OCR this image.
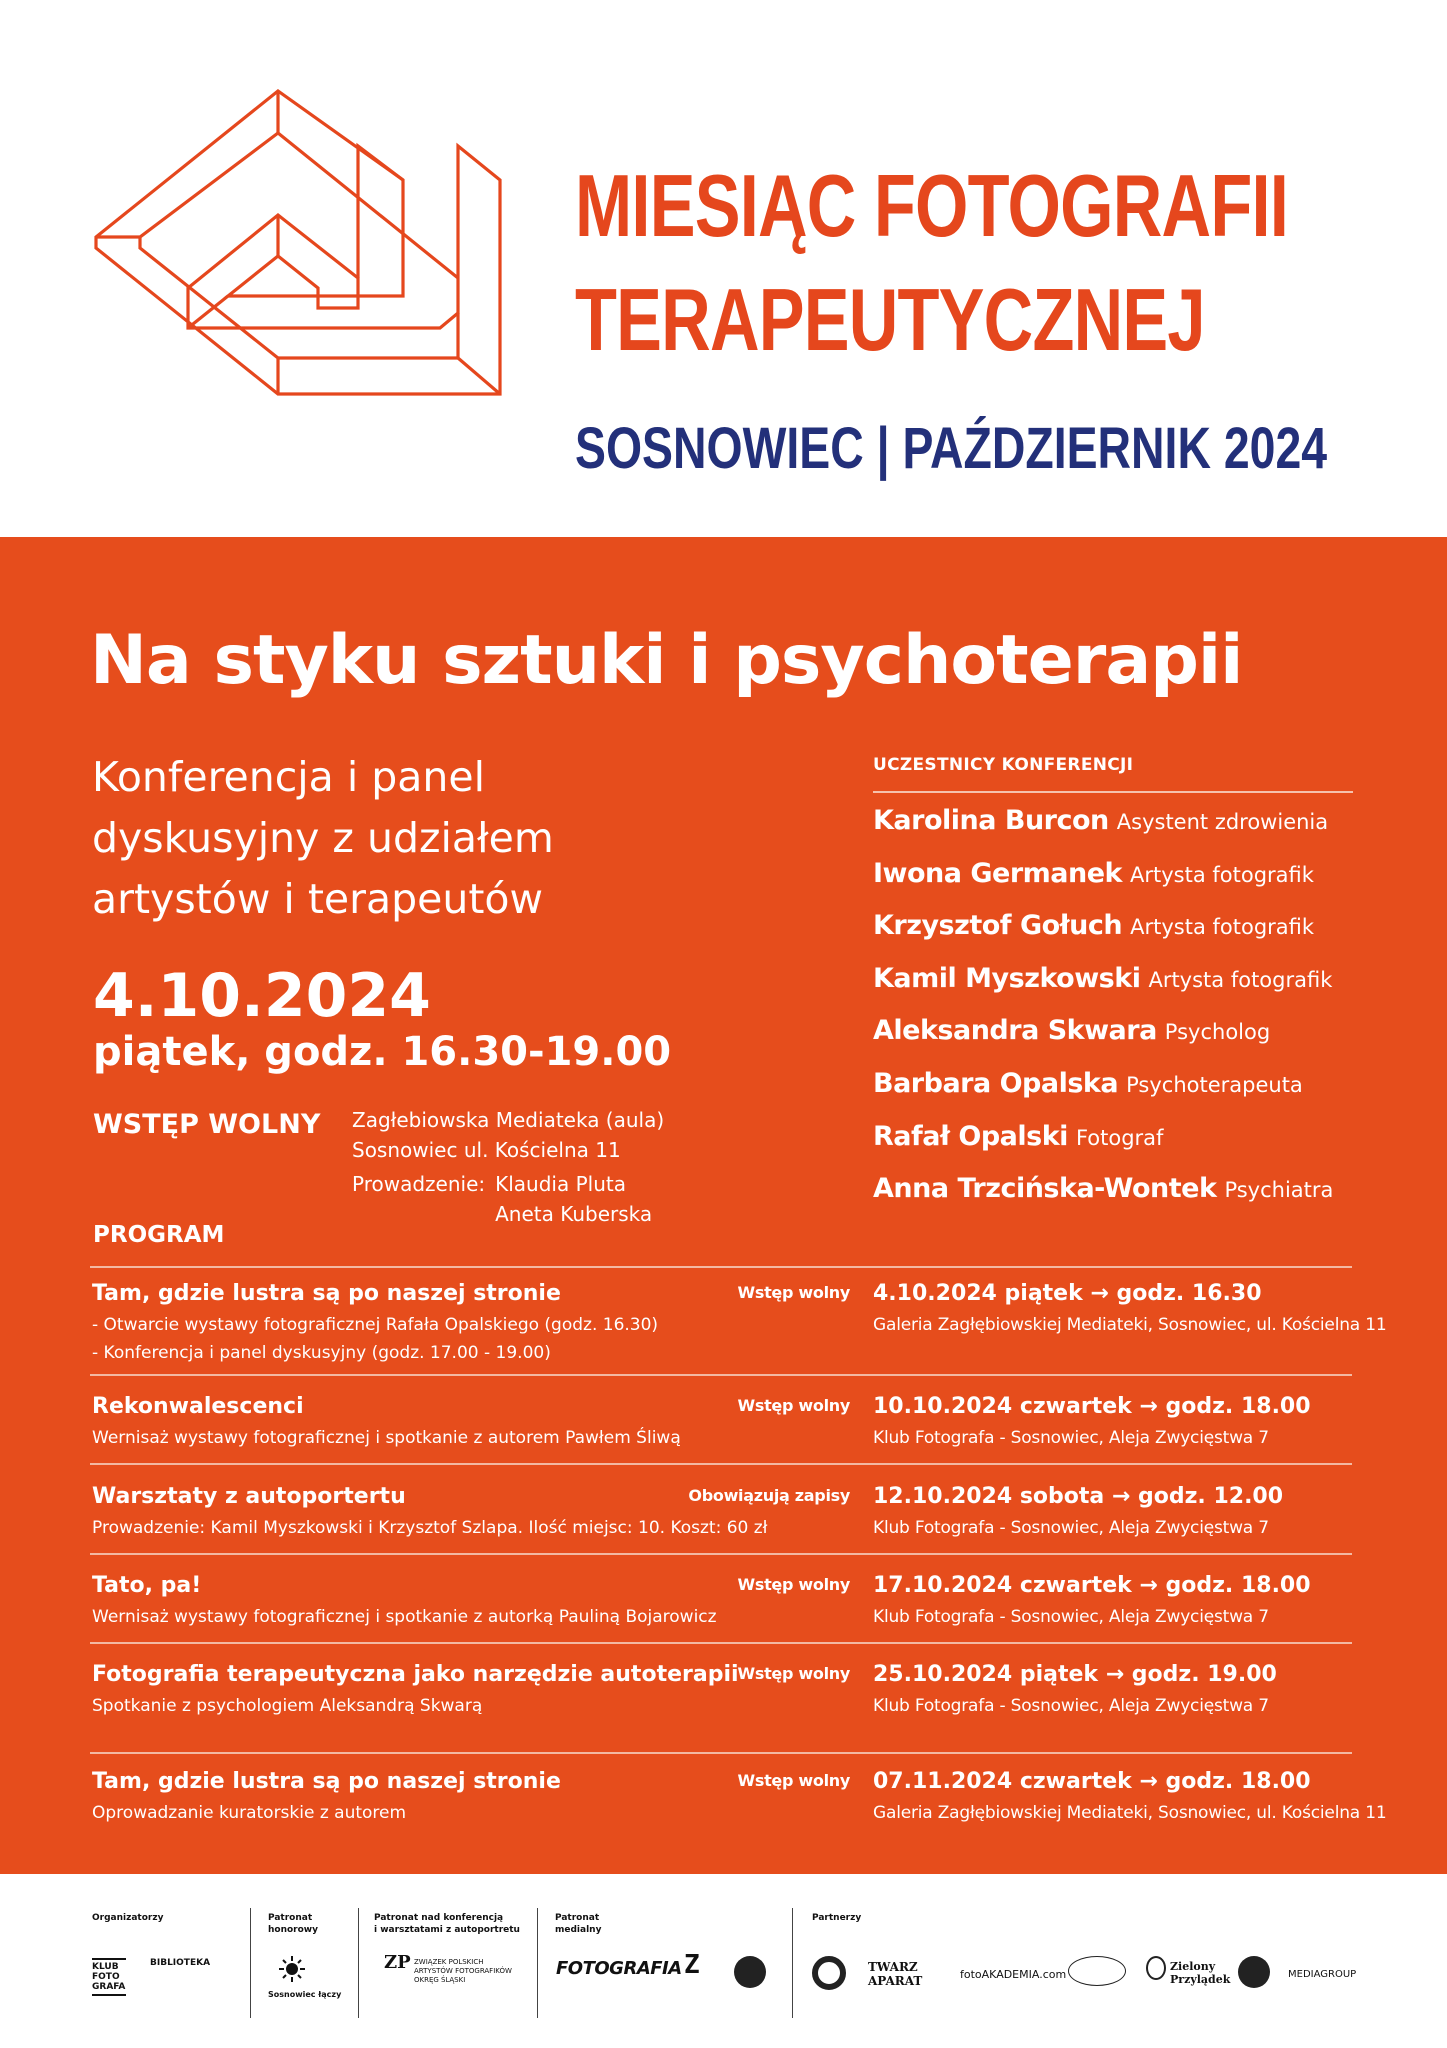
MIESIĄC FOTOGRAFII
TERAPEUTYCZNEJ
SOSNOWIEC | PAŹDZIERNIK 2024
Na styku sztuki i psychoterapii
Konferencja i panel dyskusyjny z udziałem artystów i terapeutów
4.10.2024
piątek, godz. 16.30-19.00
WSTĘP WOLNY Zagłebiowska Mediateka (aula)
Sosnowiec ul. Kościelna 11
Prowadzenie: Klaudia Pluta
Aneta Kuberska
PROGRAM
UCZESTNICY KONFERENCJI
Karolina Burcon Asystent zdrowienia
Iwona Germanek Artysta fotografik
Krzysztof Gołuch Artysta fotografik
Kamil Myszkowski Artysta fotografik
Aleksandra Skwara Psycholog
Barbara Opalska Psychoterapeuta
Rafał Opalski Fotograf
Anna Trzcińska-Wontek Psychiatra
Tam, gdzie lustra są po naszej stronie	Wstęp wolny
- Otwarcie wystawy fotograficznej Rafała Opalskiego (godz. 16.30)
- Konferencja i panel dyskusyjny (godz. 17.00 - 19.00)
4.10.2024 piątek → godz. 16.30
Galeria Zagłębiowskiej Mediateki, Sosnowiec, ul. Kościelna 11
Rekonwalescenci	Wstęp wolny
Wernisaż wystawy fotograficznej i spotkanie z autorem Pawłem Śliwą
10.10.2024 czwartek → godz. 18.00
Klub Fotografa - Sosnowiec, Aleja Zwycięstwa 7
Warsztaty z autoportertu	Obowiązują zapisy
Prowadzenie: Kamil Myszkowski i Krzysztof Szlapa. Ilość miejsc: 10. Koszt: 60 zł
12.10.2024 sobota → godz. 12.00
Klub Fotografa - Sosnowiec, Aleja Zwycięstwa 7
Tato, pa!	Wstęp wolny
Wernisaż wystawy fotograficznej i spotkanie z autorką Pauliną Bojarowicz
17.10.2024 czwartek → godz. 18.00
Klub Fotografa - Sosnowiec, Aleja Zwycięstwa 7
Fotografia terapeutyczna jako narzędzie autoterapii
Wstęp wolny
Spotkanie z psychologiem Aleksandrą Skwarą
25.10.2024 piątek → godz. 19.00
Klub Fotografa - Sosnowiec, Aleja Zwycięstwa 7
Tam, gdzie lustra są po naszej stronie	Wstęp wolny
Oprowadzanie kuratorskie z autorem
07.11.2024 czwartek → godz. 18.00
Galeria Zagłębiowskiej Mediateki, Sosnowiec, ul. Kościelna 11
Organizatorzy	Patronat
honorowy
Patronat nad konferencją
i warsztatami z autoportretu
Patronat
medialny
Partnerzy
KLUB FOTO GRAFA
BIBLIOTEKA
Sosnowiec łączy
ZP ZWIĄZEK POLSKICH ARTYSTÓW FOTOGRAFIKÓW OKRĘG ŚLĄSKI
FOTOGRAFIA Z	TWARZ APARAT	fotoAKADEMIA.com
Zielony Przylądek	MEDIAGROUP
